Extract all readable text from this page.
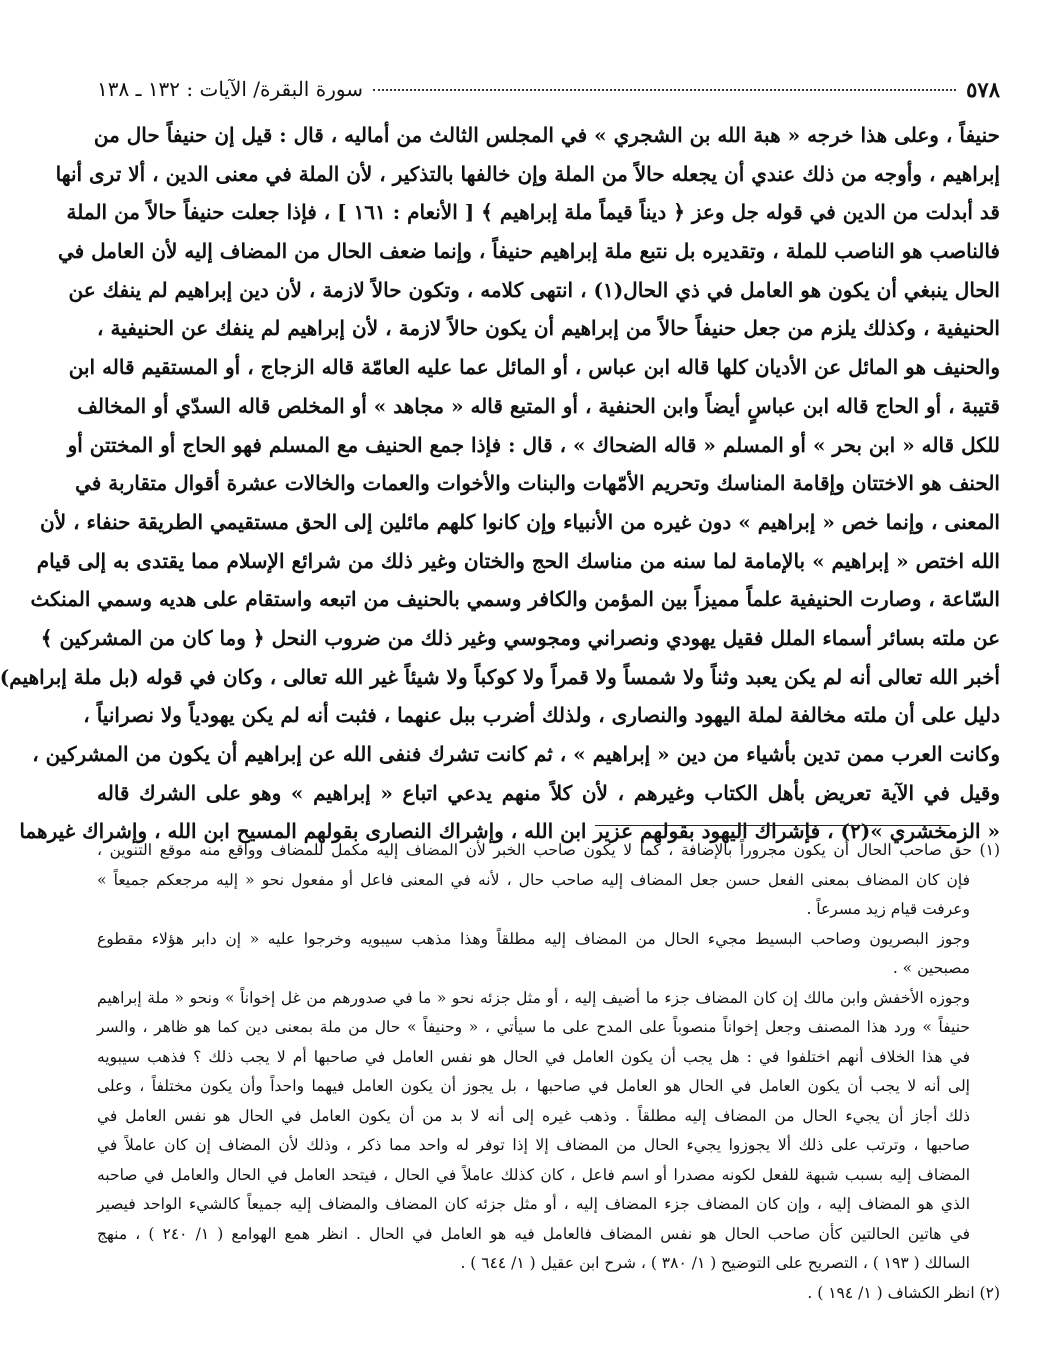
٥٧٨
سورة البقرة/ الآيات : ١٣٢ ـ ١٣٨

حنيفاً ، وعلى هذا خرجه « هبة الله بن الشجري » في المجلس الثالث من أماليه ، قال : قيل إن حنيفاً حال من

إبراهيم ، وأوجه من ذلك عندي أن يجعله حالاً من الملة وإن خالفها بالتذكير ، لأن الملة في معنى الدين ، ألا ترى أنها

قد أبدلت من الدين في قوله جل وعز ﴿ ديناً قيماً ملة إبراهيم ﴾ [ الأنعام : ١٦١ ] ، فإذا جعلت حنيفاً حالاً من الملة

فالناصب هو الناصب للملة ، وتقديره بل نتبع ملة إبراهيم حنيفاً ، وإنما ضعف الحال من المضاف إليه لأن العامل في

الحال ينبغي أن يكون هو العامل في ذي الحال(١) ، انتهى كلامه ، وتكون حالاً لازمة ، لأن دين إبراهيم لم ينفك عن

الحنيفية ، وكذلك يلزم من جعل حنيفاً حالاً من إبراهيم أن يكون حالاً لازمة ، لأن إبراهيم لم ينفك عن الحنيفية ،

والحنيف هو المائل عن الأديان كلها قاله ابن عباس ، أو المائل عما عليه العامّة قاله الزجاج ، أو المستقيم قاله ابن

قتيبة ، أو الحاج قاله ابن عباسٍ أيضاً وابن الحنفية ، أو المتبع قاله « مجاهد » أو المخلص قاله السدّي أو المخالف

للكل قاله « ابن بحر » أو المسلم « قاله الضحاك » ، قال : فإذا جمع الحنيف مع المسلم فهو الحاج أو المختتن أو

الحنف هو الاختتان وإقامة المناسك وتحريم الأمّهات والبنات والأخوات والعمات والخالات عشرة أقوال متقاربة في

المعنى ، وإنما خص « إبراهيم » دون غيره من الأنبياء وإن كانوا كلهم مائلين إلى الحق مستقيمي الطريقة حنفاء ، لأن

الله اختص « إبراهيم » بالإمامة لما سنه من مناسك الحج والختان وغير ذلك من شرائع الإسلام مما يقتدى به إلى قيام

السّاعة ، وصارت الحنيفية علماً مميزاً بين المؤمن والكافر وسمي بالحنيف من اتبعه واستقام على هديه وسمي المنكث

عن ملته بسائر أسماء الملل فقيل يهودي ونصراني ومجوسي وغير ذلك من ضروب النحل ﴿ وما كان من المشركين ﴾

أخبر الله تعالى أنه لم يكن يعبد وثناً ولا شمساً ولا قمراً ولا كوكباً ولا شيئاً غير الله تعالى ، وكان في قوله (بل ملة إبراهيم)

دليل على أن ملته مخالفة لملة اليهود والنصارى ، ولذلك أضرب ببل عنهما ، فثبت أنه لم يكن يهودياً ولا نصرانياً ،

وكانت العرب ممن تدين بأشياء من دين « إبراهيم » ، ثم كانت تشرك فنفى الله عن إبراهيم أن يكون من المشركين ،

وقيل في الآية تعريض بأهل الكتاب وغيرهم ، لأن كلاً منهم يدعي اتباع « إبراهيم » وهو على الشرك قاله

« الزمخشري »(٢) ، فإشراك اليهود بقولهم عزير ابن الله ، وإشراك النصارى بقولهم المسيح ابن الله ، وإشراك غيرهما

(١) حق صاحب الحال أن يكون مجروراً بالإضافة ، كما لا يكون صاحب الخبر لأن المضاف إليه مكمل للمضاف وواقع منه موقع التنوين ،

فإن كان المضاف بمعنى الفعل حسن جعل المضاف إليه صاحب حال ، لأنه في المعنى فاعل أو مفعول نحو « إليه مرجعكم جميعاً »

وعرفت قيام زيد مسرعاً .

وجوز البصريون وصاحب البسيط مجيء الحال من المضاف إليه مطلقاً وهذا مذهب سيبويه وخرجوا عليه « إن دابر هؤلاء مقطوع

مصبحين » .

وجوزه الأخفش وابن مالك إن كان المضاف جزء ما أضيف إليه ، أو مثل جزئه نحو « ما في صدورهم من غل إخواناً » ونحو « ملة إبراهيم

حنيفاً » ورد هذا المصنف وجعل إخواناً منصوباً على المدح على ما سيأتي ، « وحنيفاً » حال من ملة بمعنى دين كما هو ظاهر ، والسر

في هذا الخلاف أنهم اختلفوا في : هل يجب أن يكون العامل في الحال هو نفس العامل في صاحبها أم لا يجب ذلك ؟ فذهب سيبويه

إلى أنه لا يجب أن يكون العامل في الحال هو العامل في صاحبها ، بل يجوز أن يكون العامل فيهما واحداً وأن يكون مختلفاً ، وعلى

ذلك أجاز أن يجيء الحال من المضاف إليه مطلقاً . وذهب غيره إلى أنه لا بد من أن يكون العامل في الحال هو نفس العامل في

صاحبها ، وترتب على ذلك ألا يجوزوا يجيء الحال من المضاف إلا إذا توفر له واحد مما ذكر ، وذلك لأن المضاف إن كان عاملاً في

المضاف إليه بسبب شبهة للفعل لكونه مصدرا أو اسم فاعل ، كان كذلك عاملاً في الحال ، فيتحد العامل في الحال والعامل في صاحبه

الذي هو المضاف إليه ، وإن كان المضاف جزء المضاف إليه ، أو مثل جزئه كان المضاف والمضاف إليه جميعاً كالشيء الواحد فيصير

في هاتين الحالتين كأن صاحب الحال هو نفس المضاف فالعامل فيه هو العامل في الحال . انظر همع الهوامع ( ١/ ٢٤٠ ) ، منهج

السالك ( ١٩٣ ) ، التصريح على التوضيح ( ١/ ٣٨٠ ) ، شرح ابن عقيل ( ١/ ٦٤٤ ) .

(٢) انظر الكشاف ( ١/ ١٩٤ ) .
